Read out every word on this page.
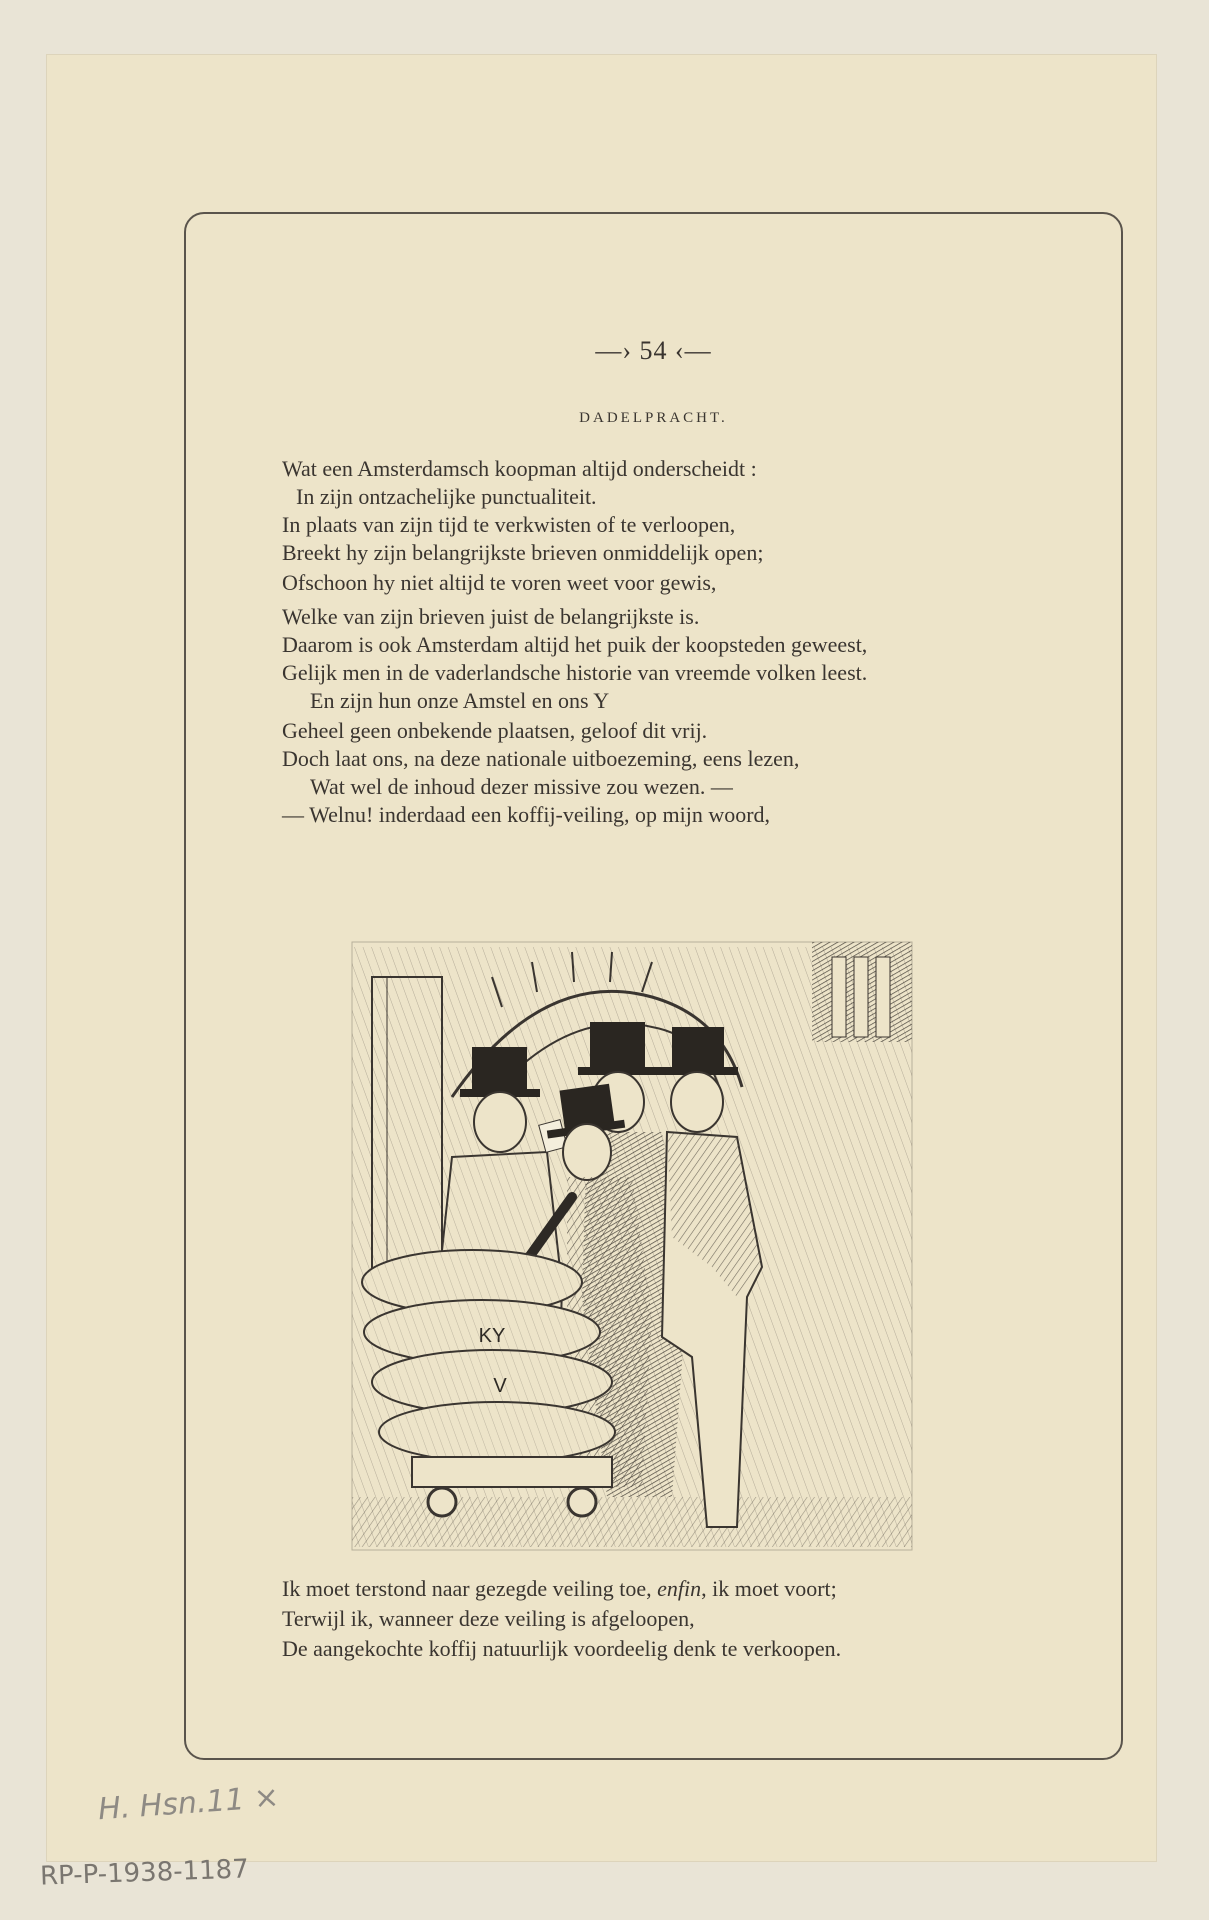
—› 54 ‹—
DADELPRACHT.
Wat een Amsterdamsch koopman altijd onderscheidt :
In zijn ontzachelijke punctualiteit.
In plaats van zijn tijd te verkwisten of te verloopen,
Breekt hy zijn belangrijkste brieven onmiddelijk open;
Ofschoon hy niet altijd te voren weet voor gewis,
Welke van zijn brieven juist de belangrijkste is.
Daarom is ook Amsterdam altijd het puik der koopsteden geweest,
Gelijk men in de vaderlandsche historie van vreemde volken leest.
En zijn hun onze Amstel en ons Y
Geheel geen onbekende plaatsen, geloof dit vrij.
Doch laat ons, na deze nationale uitboezeming, eens lezen,
Wat wel de inhoud dezer missive zou wezen. —
— Welnu! inderdaad een koffij-veiling, op mijn woord,
KY
V
Ik moet terstond naar gezegde veiling toe, enfin, ik moet voort;
Terwijl ik, wanneer deze veiling is afgeloopen,
De aangekochte koffij natuurlijk voordeelig denk te verkoopen.
H. Hsn.11 ×
RP-P-1938-1187
